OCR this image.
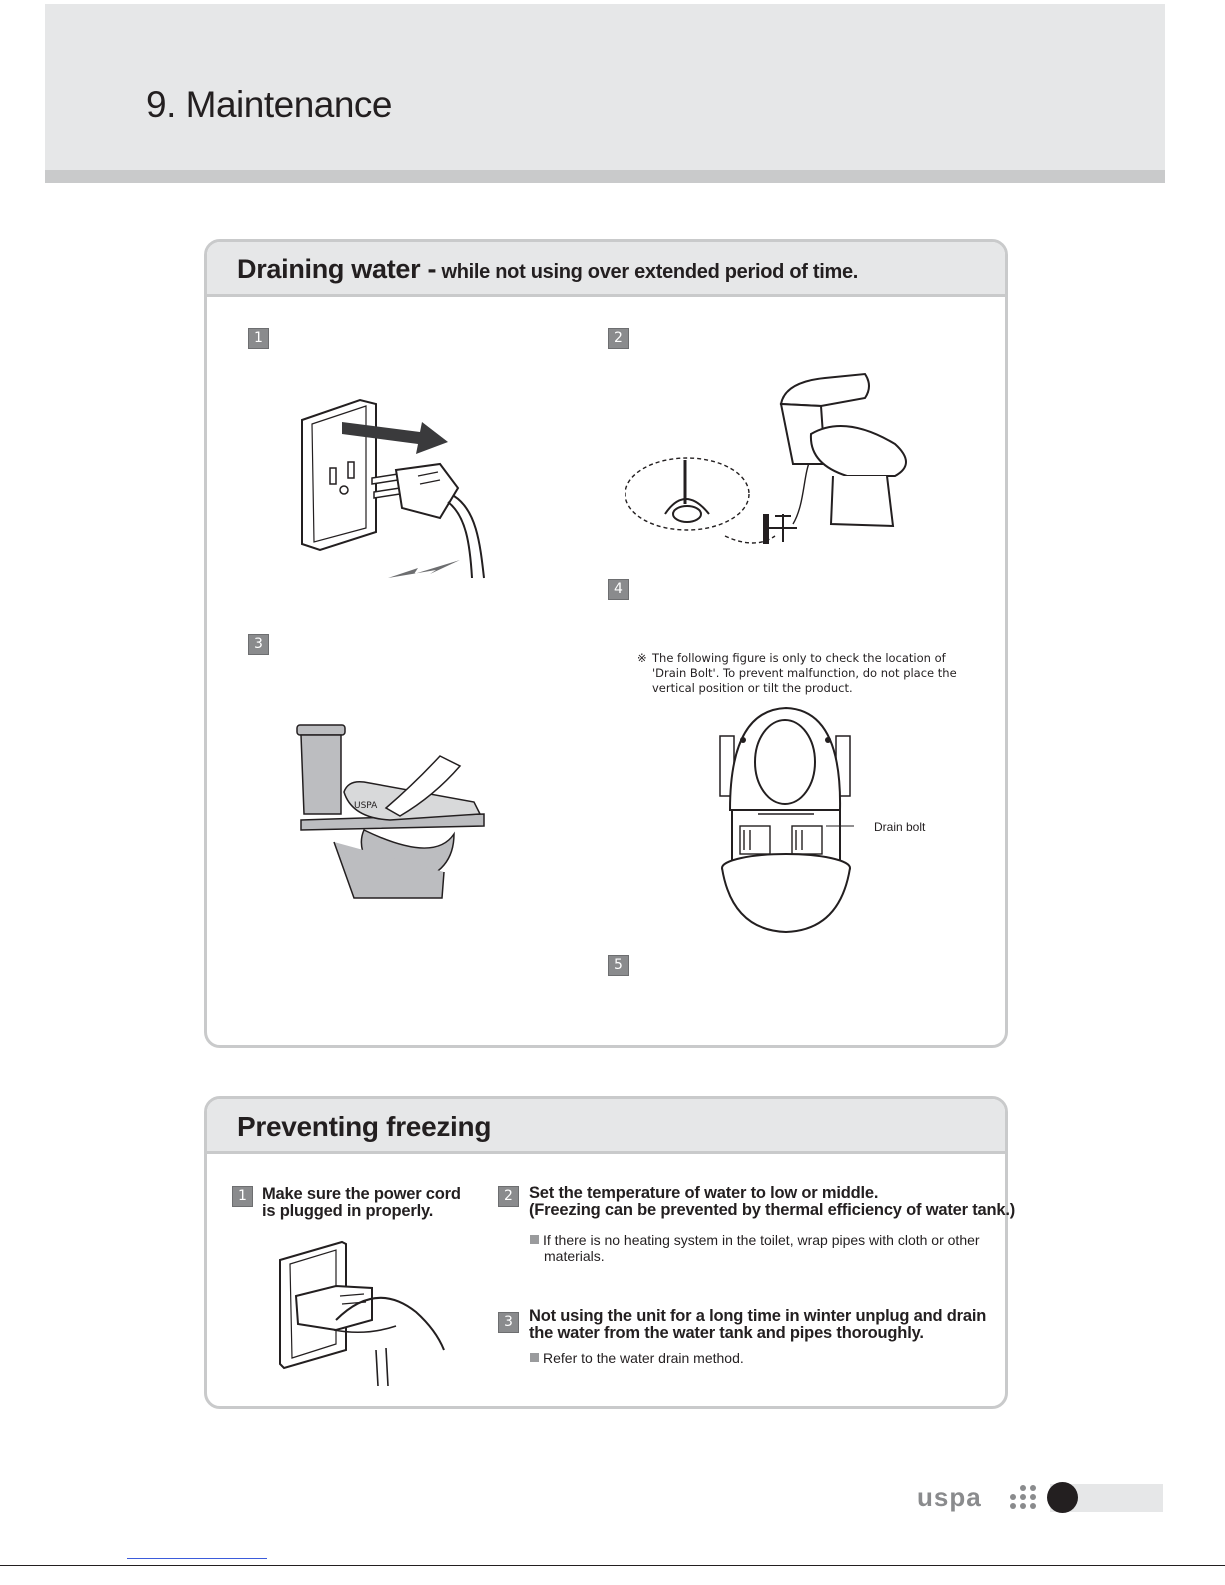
9. Maintenance
Draining water - while not using over extended period of time.
1	2
3
4
5
USPA
※ The following figure is only to check the location of 'Drain Bolt'. To prevent malfunction, do not place the vertical position or tilt the product.
Drain bolt
Preventing freezing
1 Make sure the power cord
is plugged in properly.
2 Set the temperature of water to low or middle.
(Freezing can be prevented by thermal efficiency of water tank.)
If there is no heating system in the toilet, wrap pipes with cloth or other
materials.
3 Not using the unit for a long time in winter unplug and drain
the water from the water tank and pipes thoroughly.
Refer to the water drain method.
uspa
